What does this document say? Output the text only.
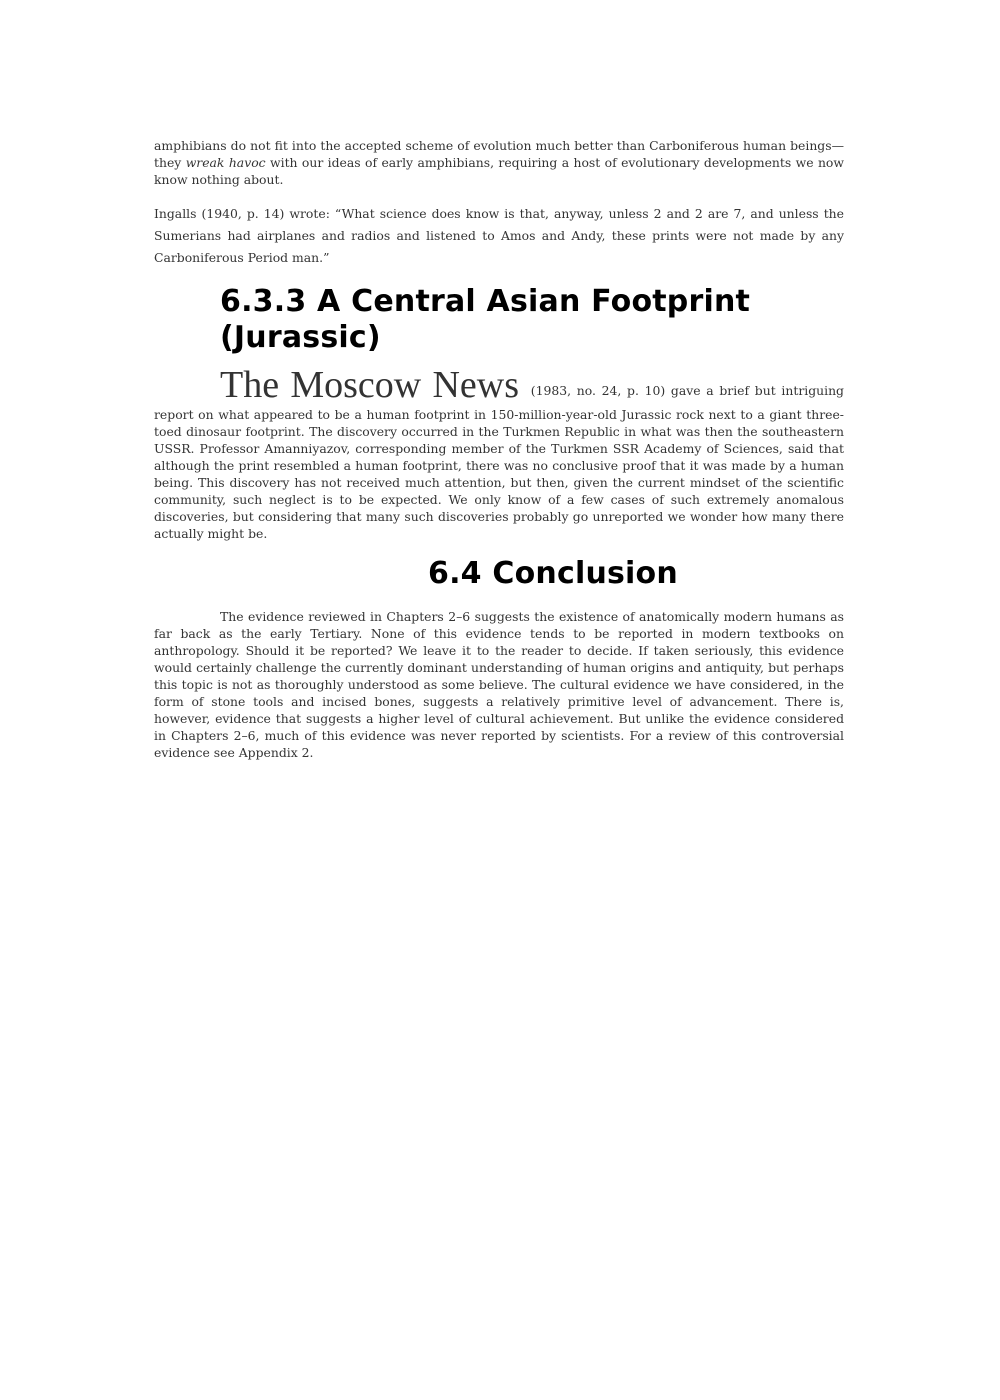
amphibians do not fit into the accepted scheme of evolution much better than Carboniferous human beings— they wreak havoc with our ideas of early amphibians, requiring a host of evolutionary developments we now know nothing about.

Ingalls (1940, p. 14) wrote: “What science does know is that, anyway, unless 2 and 2 are 7, and unless the Sumerians had airplanes and radios and listened to Amos and Andy, these prints were not made by any Carboniferous Period man.”

6.3.3 A Central Asian Footprint (Jurassic)

The Moscow News (1983, no. 24, p. 10) gave a brief but intriguing report on what appeared to be a human footprint in 150-million-year-old Jurassic rock next to a giant three-toed dinosaur footprint. The discovery occurred in the Turkmen Republic in what was then the southeastern USSR. Professor Amanniyazov, corresponding member of the Turkmen SSR Academy of Sciences, said that although the print resembled a human footprint, there was no conclusive proof that it was made by a human being. This discovery has not received much attention, but then, given the current mindset of the scientific community, such neglect is to be expected. We only know of a few cases of such extremely anomalous discoveries, but considering that many such discoveries probably go unreported we wonder how many there actually might be.

6.4 Conclusion

The evidence reviewed in Chapters 2–6 suggests the existence of anatomically modern humans as far back as the early Tertiary. None of this evidence tends to be reported in modern textbooks on anthropology. Should it be reported? We leave it to the reader to decide. If taken seriously, this evidence would certainly challenge the currently dominant understanding of human origins and antiquity, but perhaps this topic is not as thoroughly understood as some believe. The cultural evidence we have considered, in the form of stone tools and incised bones, suggests a relatively primitive level of advancement. There is, however, evidence that suggests a higher level of cultural achievement. But unlike the evidence considered in Chapters 2–6, much of this evidence was never reported by scientists. For a review of this controversial evidence see Appendix 2.
